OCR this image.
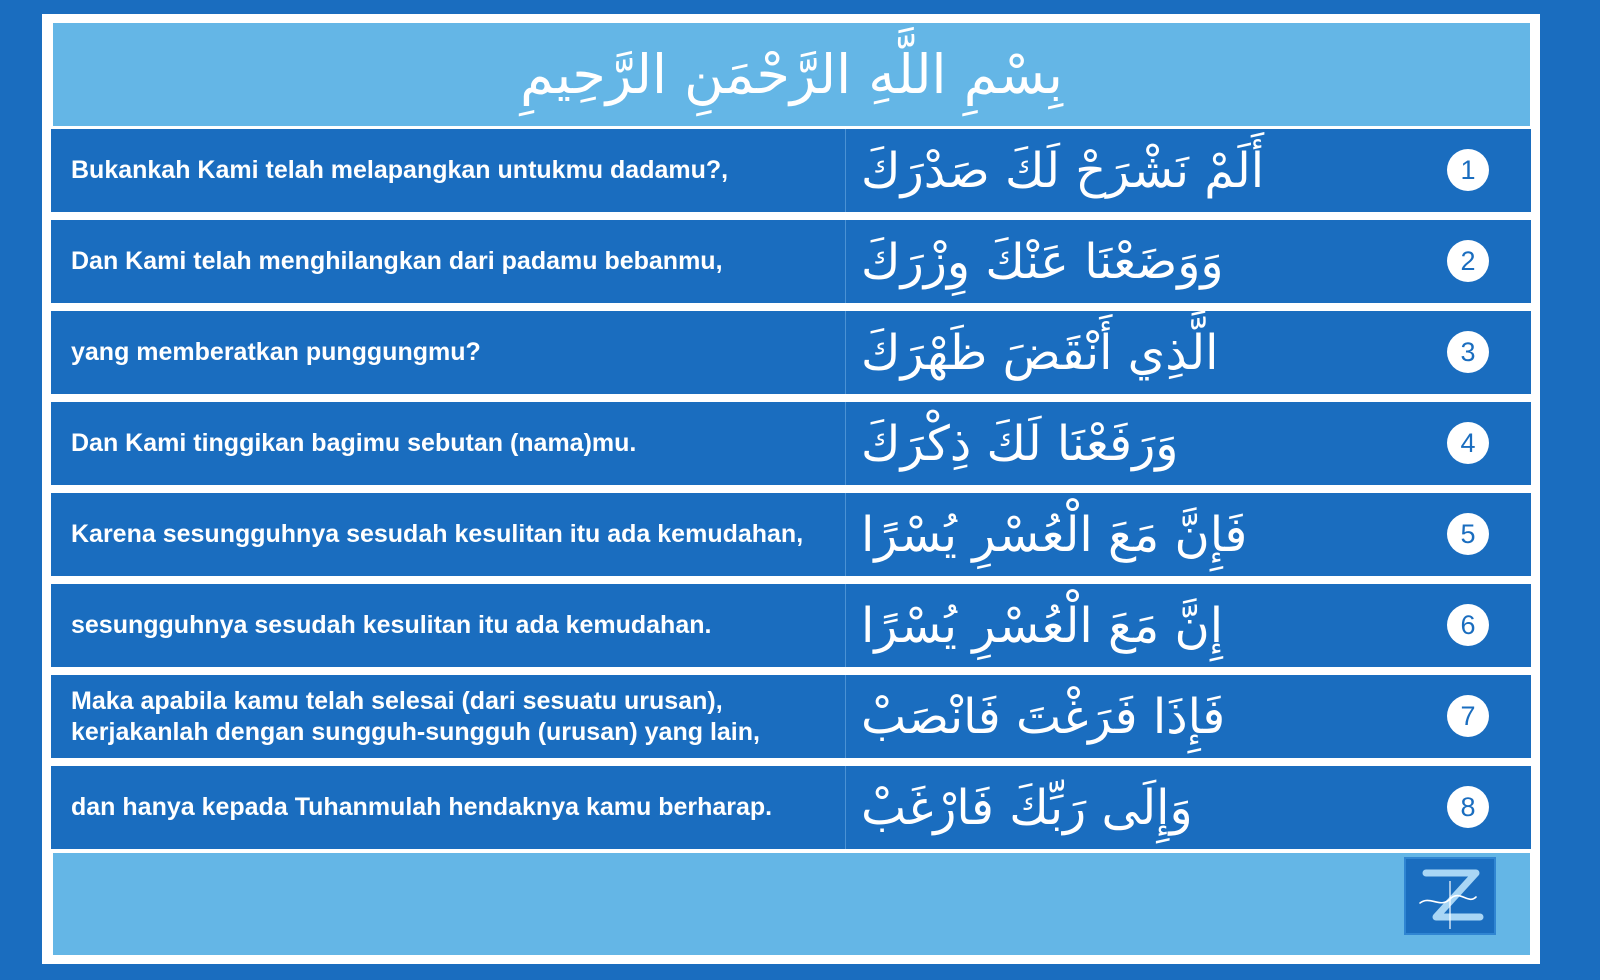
بِسْمِ اللَّهِ الرَّحْمَنِ الرَّحِيمِ
Bukankah Kami telah melapangkan untukmu dadamu?,	أَلَمْ نَشْرَحْ لَكَ صَدْرَكَ	1
Dan Kami telah menghilangkan dari padamu bebanmu,	وَوَضَعْنَا عَنْكَ وِزْرَكَ	2
yang memberatkan punggungmu?	الَّذِي أَنْقَضَ ظَهْرَكَ	3
Dan Kami tinggikan bagimu sebutan (nama)mu.	وَرَفَعْنَا لَكَ ذِكْرَكَ	4
Karena sesungguhnya sesudah kesulitan itu ada kemudahan,	فَإِنَّ مَعَ الْعُسْرِ يُسْرًا	5
sesungguhnya sesudah kesulitan itu ada kemudahan.	إِنَّ مَعَ الْعُسْرِ يُسْرًا	6
Maka apabila kamu telah selesai (dari sesuatu urusan), kerjakanlah dengan sungguh-sungguh (urusan) yang lain,	فَإِذَا فَرَغْتَ فَانْصَبْ	7
dan hanya kepada Tuhanmulah hendaknya kamu berharap.	وَإِلَى رَبِّكَ فَارْغَبْ	8
